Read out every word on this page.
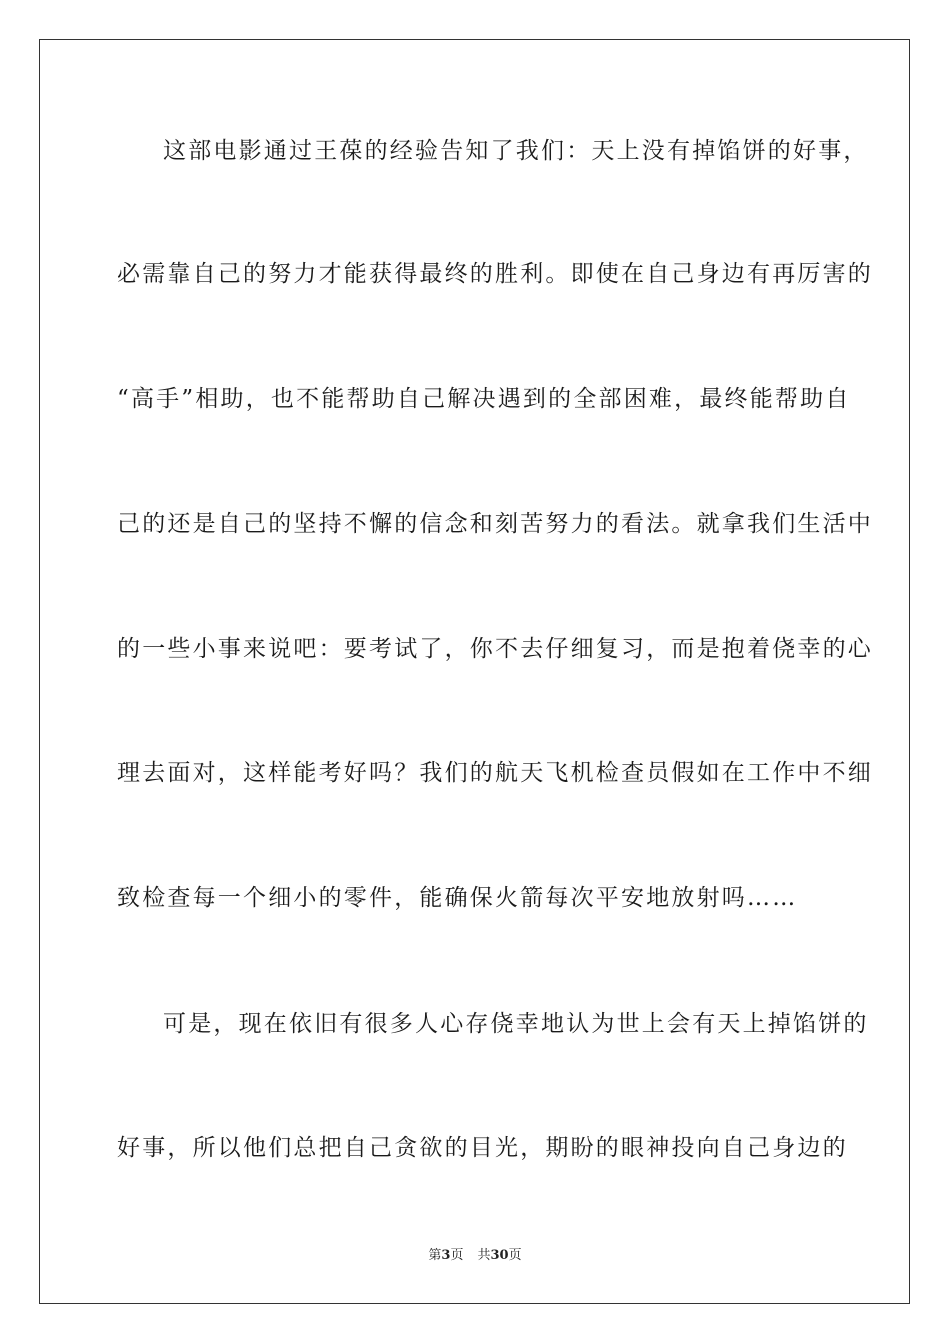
这部电影通过王葆的经验告知了我们：天上没有掉馅饼的好事，
必需靠自己的努力才能获得最终的胜利。即使在自己身边有再厉害的
“高手”相助，也不能帮助自己解决遇到的全部困难，最终能帮助自
己的还是自己的坚持不懈的信念和刻苦努力的看法。就拿我们生活中
的一些小事来说吧：要考试了，你不去仔细复习，而是抱着侥幸的心
理去面对，这样能考好吗？我们的航天飞机检查员假如在工作中不细
致检查每一个细小的零件，能确保火箭每次平安地放射吗……
可是，现在依旧有很多人心存侥幸地认为世上会有天上掉馅饼的
好事，所以他们总把自己贪欲的目光，期盼的眼神投向自己身边的
第3页 共30页
